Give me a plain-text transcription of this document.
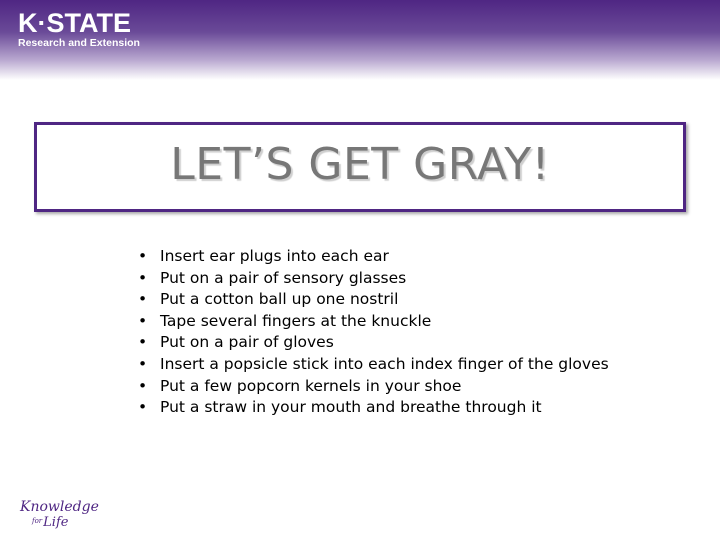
K·STATE
Research and Extension
LET’S GET GRAY!
• Insert ear plugs into each ear
• Put on a pair of sensory glasses
• Put a cotton ball up one nostril
• Tape several fingers at the knuckle
• Put on a pair of gloves
• Insert a popsicle stick into each index finger of the gloves
• Put a few popcorn kernels in your shoe
• Put a straw in your mouth and breathe through it
Knowledge
$^{for}$Life
